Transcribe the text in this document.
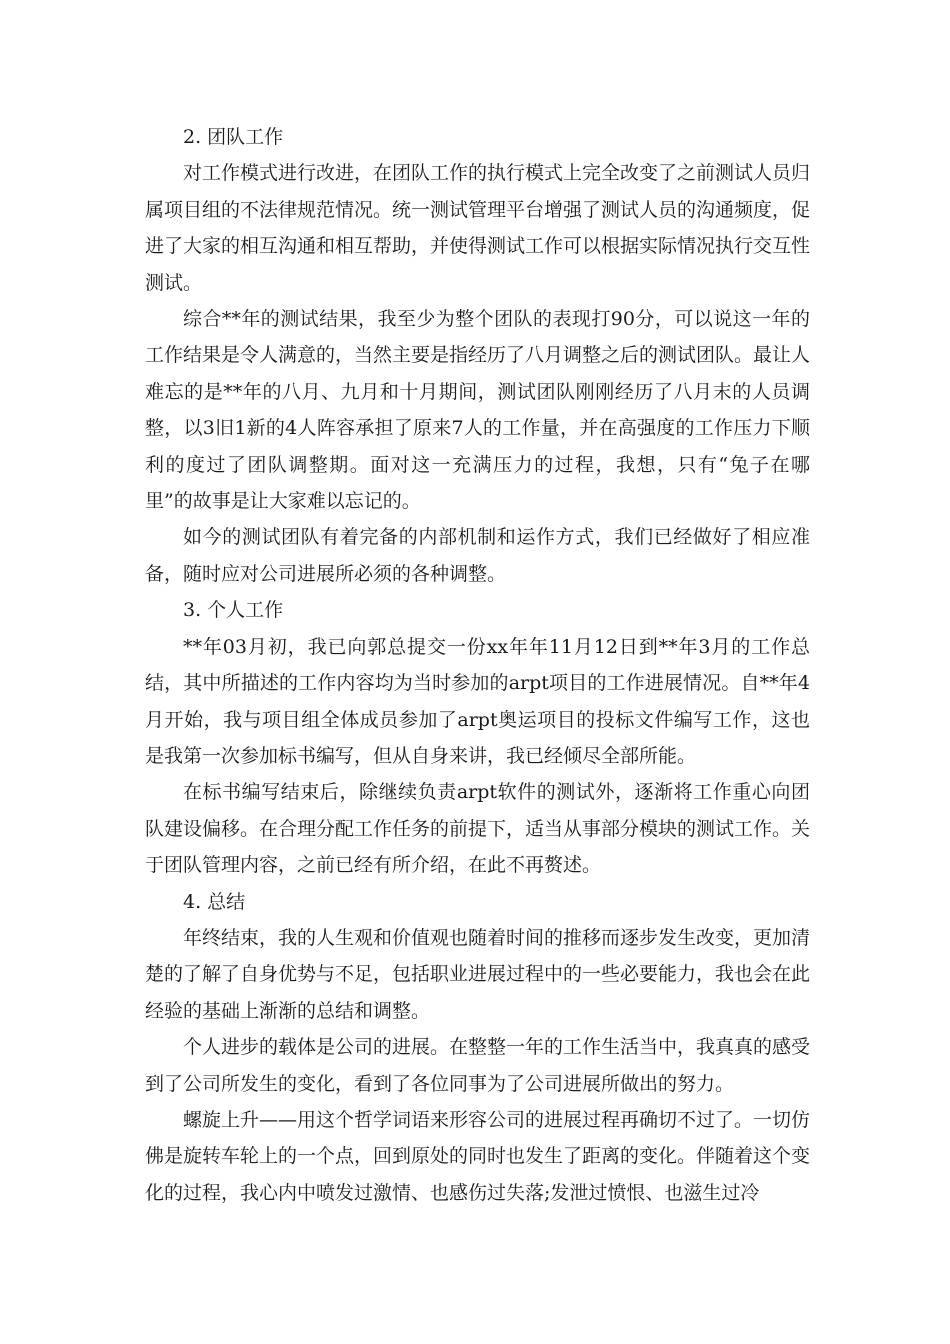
2. 团队工作

对工作模式进行改进，在团队工作的执行模式上完全改变了之前测试人员归属项目组的不法律规范情况。统一测试管理平台增强了测试人员的沟通频度，促进了大家的相互沟通和相互帮助，并使得测试工作可以根据实际情况执行交互性测试。

综合**年的测试结果，我至少为整个团队的表现打90分，可以说这一年的工作结果是令人满意的，当然主要是指经历了八月调整之后的测试团队。最让人难忘的是**年的八月、九月和十月期间，测试团队刚刚经历了八月末的人员调整，以3旧1新的4人阵容承担了原来7人的工作量，并在高强度的工作压力下顺利的度过了团队调整期。面对这一充满压力的过程，我想，只有“兔子在哪里”的故事是让大家难以忘记的。

如今的测试团队有着完备的内部机制和运作方式，我们已经做好了相应准备，随时应对公司进展所必须的各种调整。

3. 个人工作

**年03月初，我已向郭总提交一份xx年年11月12日到**年3月的工作总结，其中所描述的工作内容均为当时参加的arpt项目的工作进展情况。自**年4月开始，我与项目组全体成员参加了arpt奥运项目的投标文件编写工作，这也是我第一次参加标书编写，但从自身来讲，我已经倾尽全部所能。

在标书编写结束后，除继续负责arpt软件的测试外，逐渐将工作重心向团队建设偏移。在合理分配工作任务的前提下，适当从事部分模块的测试工作。关于团队管理内容，之前已经有所介绍，在此不再赘述。

4. 总结

年终结束，我的人生观和价值观也随着时间的推移而逐步发生改变，更加清楚的了解了自身优势与不足，包括职业进展过程中的一些必要能力，我也会在此经验的基础上渐渐的总结和调整。

个人进步的载体是公司的进展。在整整一年的工作生活当中，我真真的感受到了公司所发生的变化，看到了各位同事为了公司进展所做出的努力。

螺旋上升——用这个哲学词语来形容公司的进展过程再确切不过了。一切仿佛是旋转车轮上的一个点，回到原处的同时也发生了距离的变化。伴随着这个变化的过程，我心内中喷发过激情、也感伤过失落;发泄过愤恨、也滋生过冷
